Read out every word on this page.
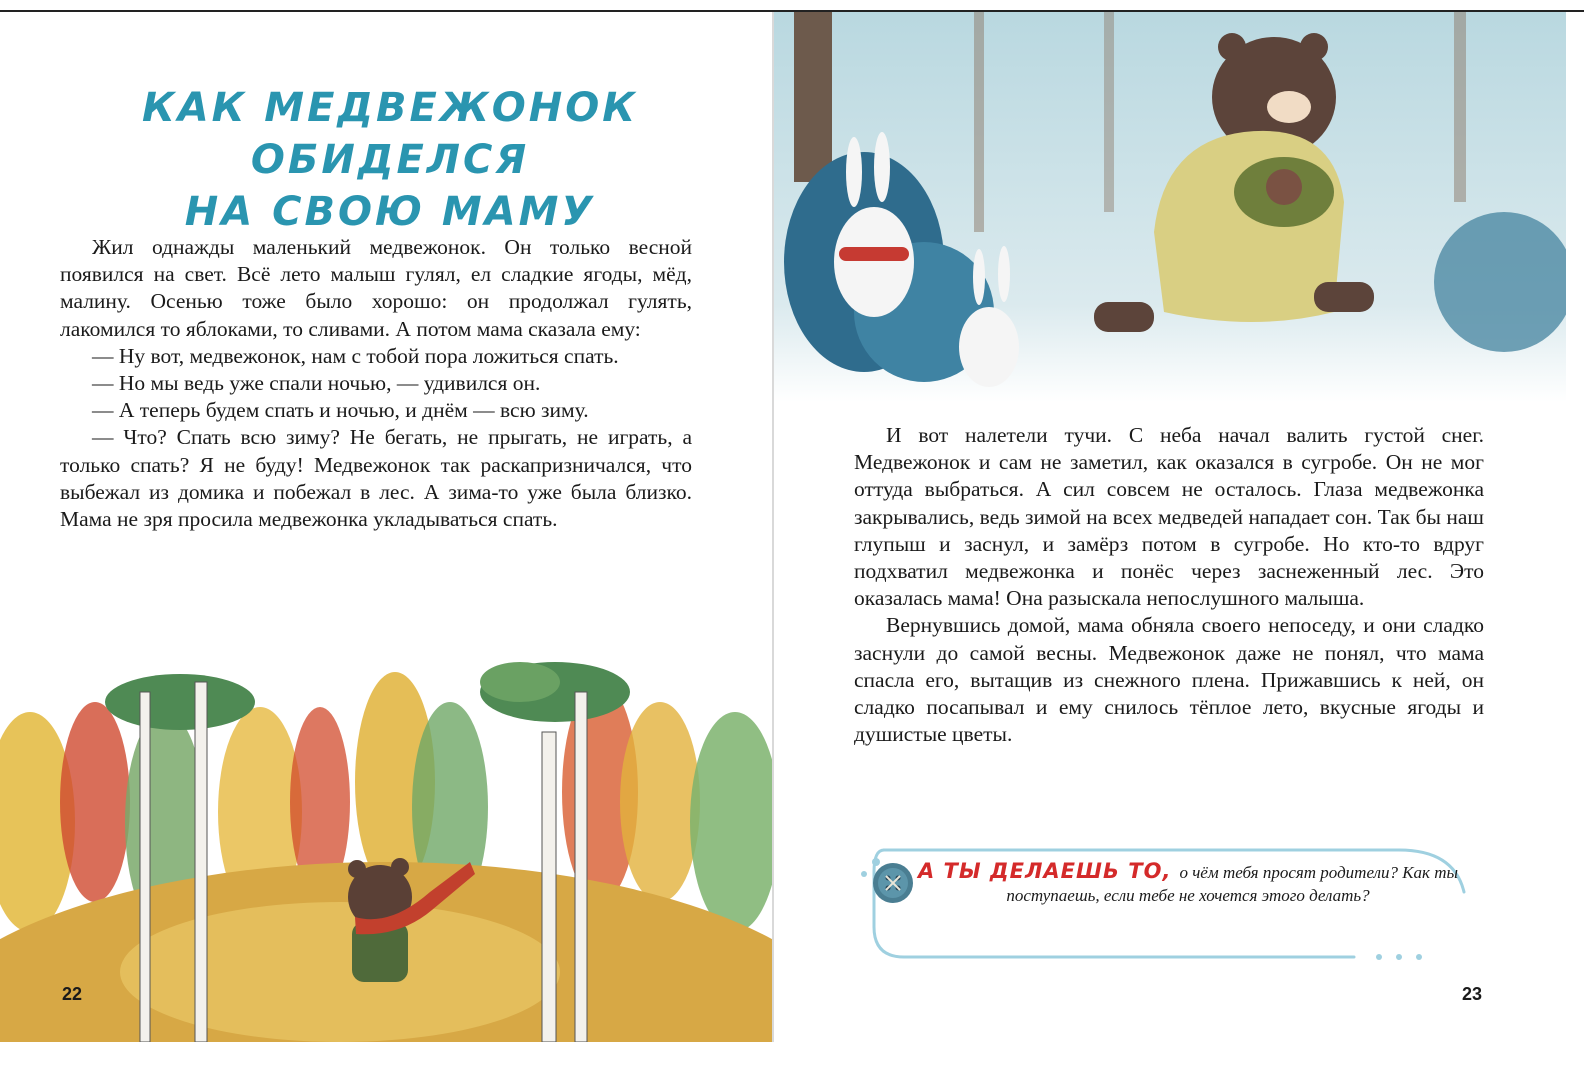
КАК МЕДВЕЖОНОК ОБИДЕЛСЯ
НА СВОЮ МАМУ

Жил однажды маленький медвежонок. Он только весной появился на свет. Всё лето малыш гулял, ел сладкие ягоды, мёд, малину. Осенью тоже было хорошо: он продолжал гулять, лакомился то яблоками, то сливами. А потом мама сказала ему:

— Ну вот, медвежонок, нам с тобой пора ложиться спать.

— Но мы ведь уже спали ночью, — удивился он.

— А теперь будем спать и ночью, и днём — всю зиму.

— Что? Спать всю зиму? Не бегать, не прыгать, не играть, а только спать? Я не буду! Медвежонок так раскапризничался, что выбежал из домика и побежал в лес. А зима-то уже была близко. Мама не зря просила медвежонка укладываться спать.

22

И вот налетели тучи. С неба начал валить густой снег. Медвежонок и сам не заметил, как оказался в сугробе. Он не мог оттуда выбраться. А сил совсем не осталось. Глаза медвежонка закрывались, ведь зимой на всех медведей нападает сон. Так бы наш глупыш и заснул, и замёрз потом в сугробе. Но кто-то вдруг подхватил медвежонка и понёс через заснеженный лес. Это оказалась мама! Она разыскала непослушного малыша.

Вернувшись домой, мама обняла своего непоседу, и они сладко заснули до самой весны. Медвежонок даже не понял, что мама спасла его, вытащив из снежного плена. Прижавшись к ней, он сладко посапывал и ему снилось тёплое лето, вкусные ягоды и душистые цветы.

А ТЫ ДЕЛАЕШЬ ТО, о чём тебя просят родители? Как ты поступаешь, если тебе не хочется этого делать?
23
